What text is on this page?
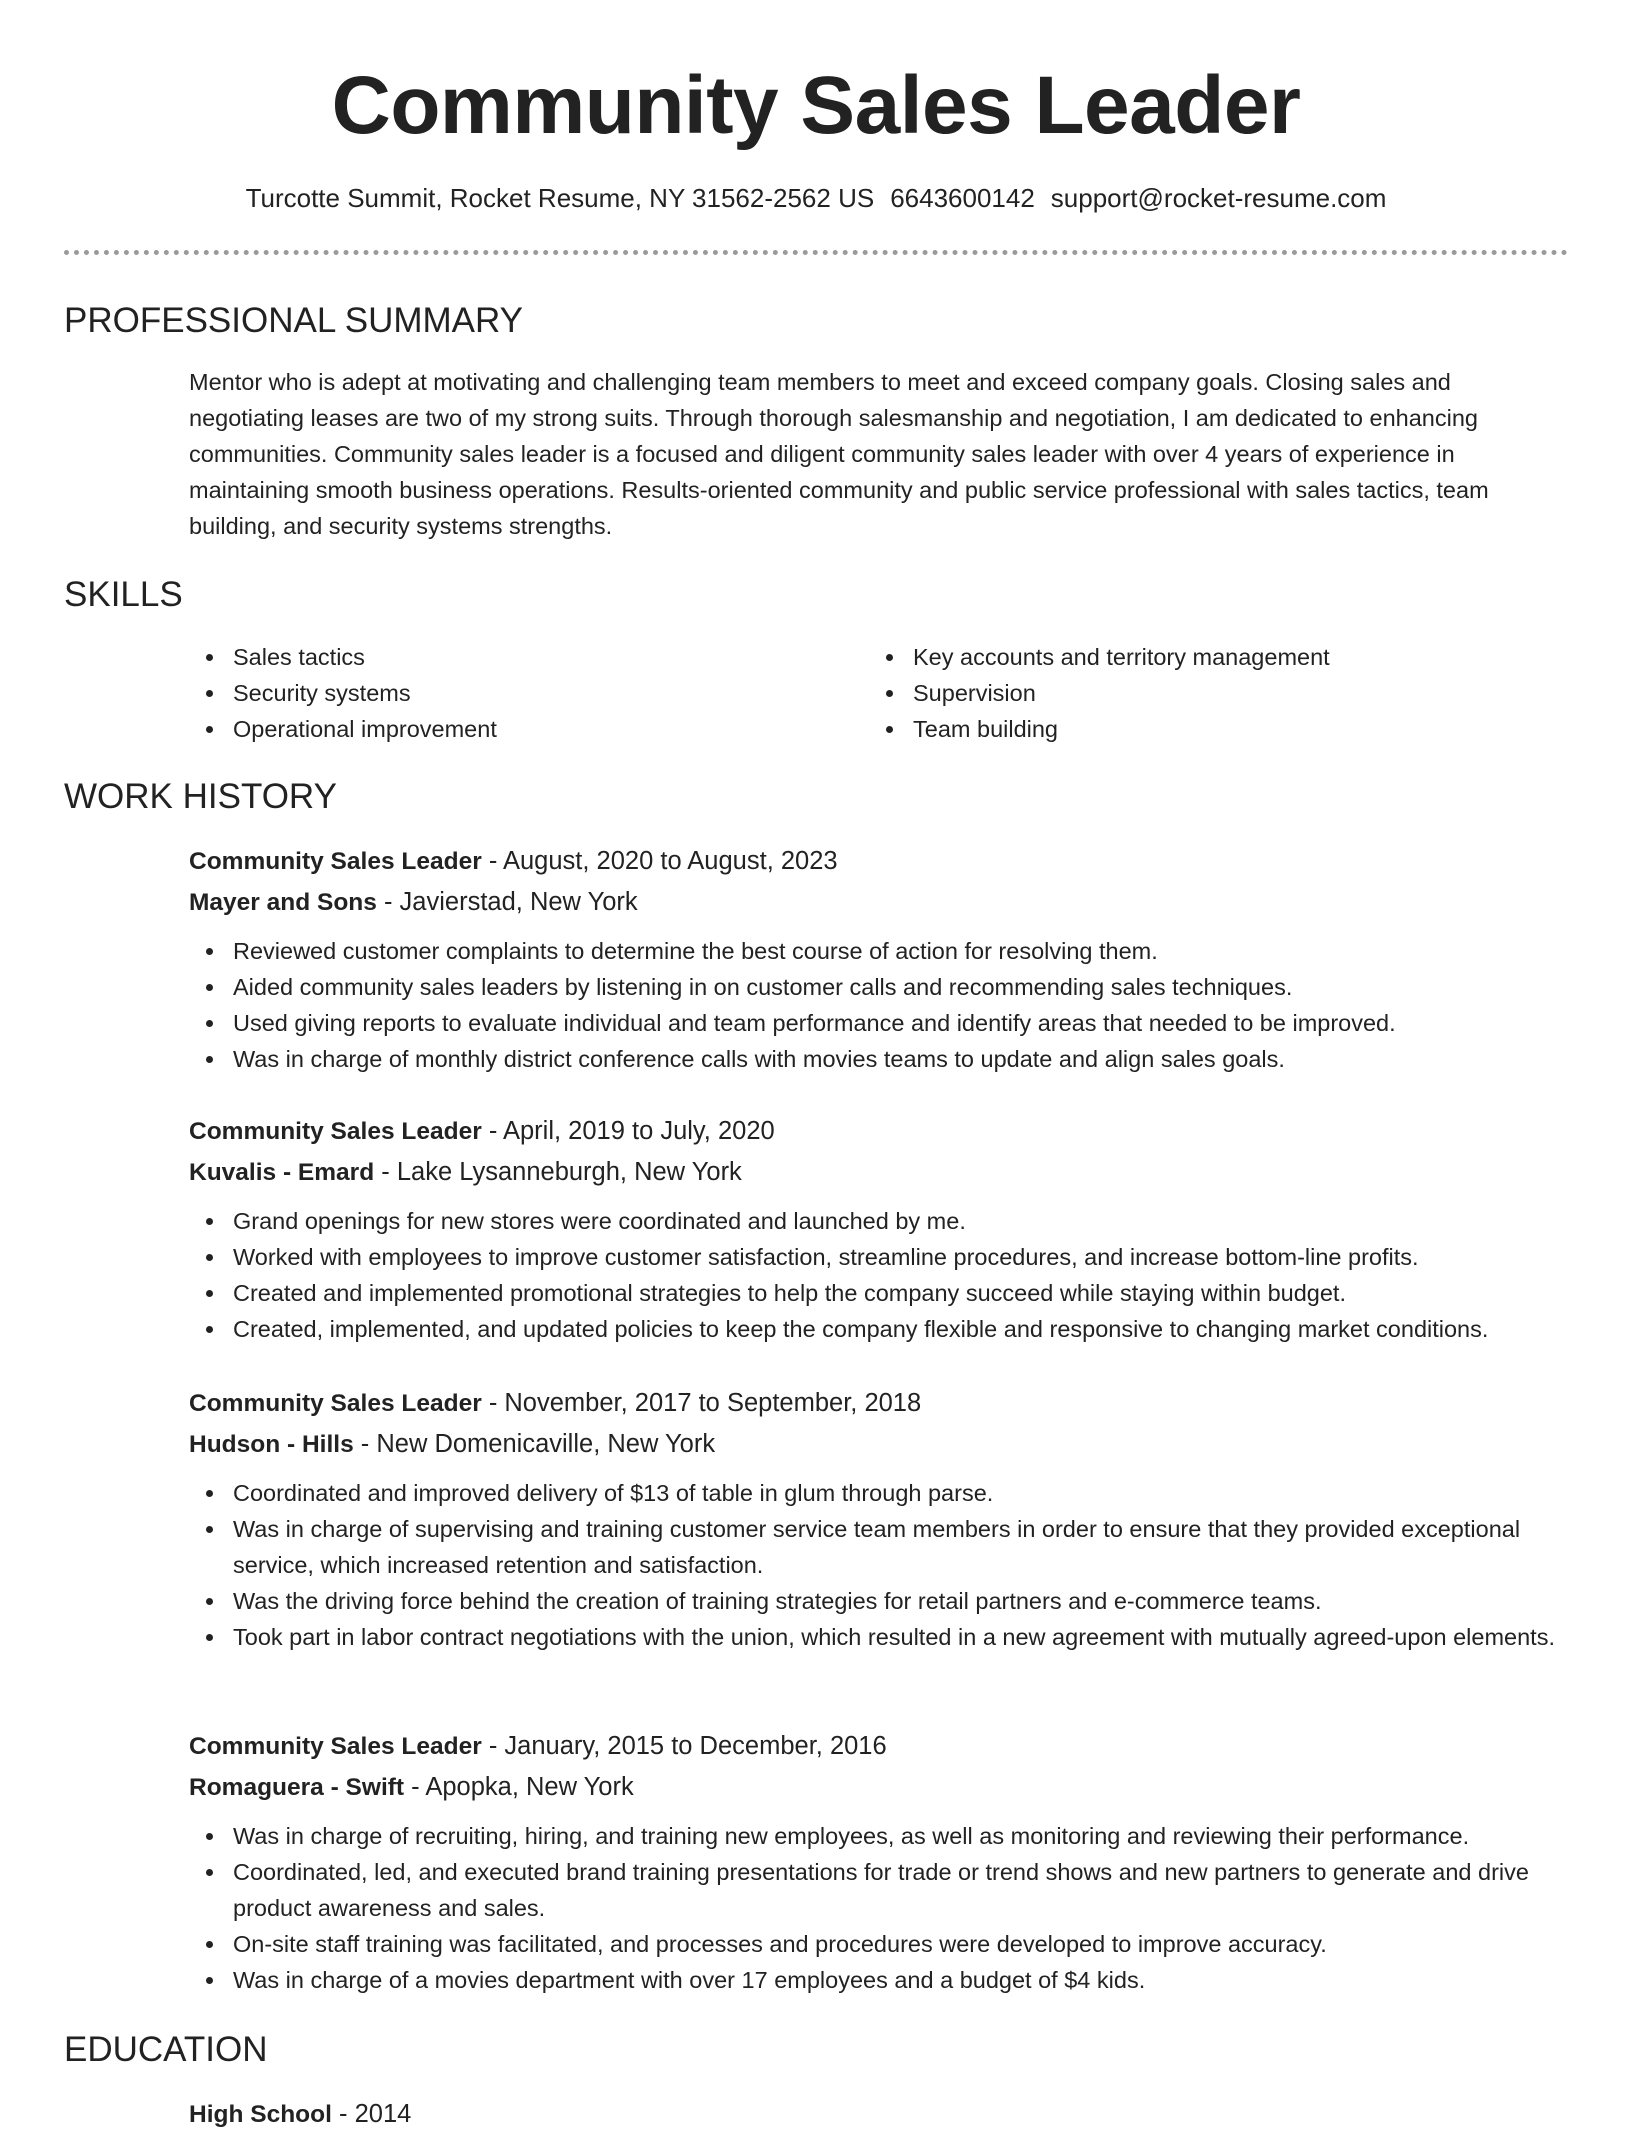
Community Sales Leader
Turcotte Summit, Rocket Resume, NY 31562-2562 US 6643600142 support@rocket-resume.com
PROFESSIONAL SUMMARY

Mentor who is adept at motivating and challenging team members to meet and exceed company goals. Closing sales and negotiating leases are two of my strong suits. Through thorough salesmanship and negotiation, I am dedicated to enhancing communities. Community sales leader is a focused and diligent community sales leader with over 4 years of experience in maintaining smooth business operations. Results-oriented community and public service professional with sales tactics, team building, and security systems strengths.

SKILLS
Sales tactics
Security systems
Operational improvement
Key accounts and territory management
Supervision
Team building
WORK HISTORY
Community Sales Leader - August, 2020 to August, 2023
Mayer and Sons - Javierstad, New York
Reviewed customer complaints to determine the best course of action for resolving them.
Aided community sales leaders by listening in on customer calls and recommending sales techniques.
Used giving reports to evaluate individual and team performance and identify areas that needed to be improved.
Was in charge of monthly district conference calls with movies teams to update and align sales goals.
Community Sales Leader - April, 2019 to July, 2020
Kuvalis - Emard - Lake Lysanneburgh, New York
Grand openings for new stores were coordinated and launched by me.
Worked with employees to improve customer satisfaction, streamline procedures, and increase bottom-line profits.
Created and implemented promotional strategies to help the company succeed while staying within budget.
Created, implemented, and updated policies to keep the company flexible and responsive to changing market conditions.
Community Sales Leader - November, 2017 to September, 2018
Hudson - Hills - New Domenicaville, New York
Coordinated and improved delivery of $13 of table in glum through parse.
Was in charge of supervising and training customer service team members in order to ensure that they provided exceptional service, which increased retention and satisfaction.
Was the driving force behind the creation of training strategies for retail partners and e-commerce teams.
Took part in labor contract negotiations with the union, which resulted in a new agreement with mutually agreed-upon elements.
Community Sales Leader - January, 2015 to December, 2016
Romaguera - Swift - Apopka, New York
Was in charge of recruiting, hiring, and training new employees, as well as monitoring and reviewing their performance.
Coordinated, led, and executed brand training presentations for trade or trend shows and new partners to generate and drive product awareness and sales.
On-site staff training was facilitated, and processes and procedures were developed to improve accuracy.
Was in charge of a movies department with over 17 employees and a budget of $4 kids.
EDUCATION
High School - 2014
